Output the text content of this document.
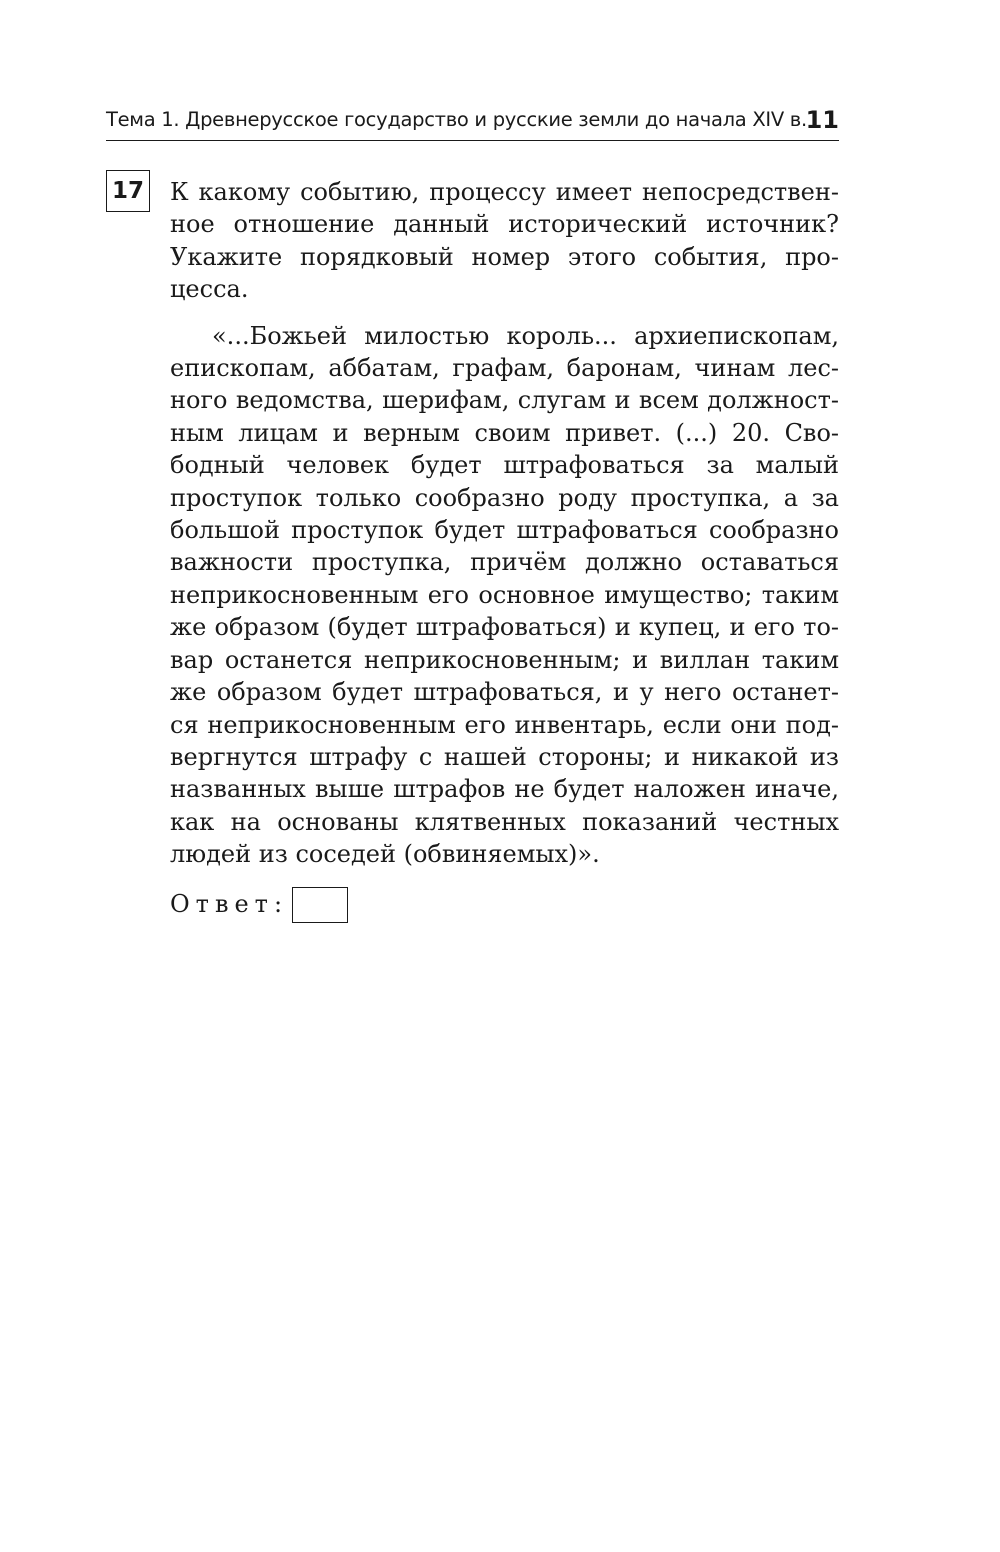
Тема 1. Древнерусское государство и русские земли до начала XIV в.
11
17 К какому событию, процессу имеет непосредственное отношение данный исторический источник? Укажите порядковый номер этого события, процесса.

«...Божьей милостью король... архиепископам, епископам, аббатам, графам, баронам, чинам лесного ведомства, шерифам, слугам и всем должностным лицам и верным своим привет. (...) 20. Свободный человек будет штрафоваться за малый проступок только сообразно роду проступка, а за большой проступок будет штрафоваться сообразно важности проступка, причём должно оставаться неприкосновенным его основное имущество; таким же образом (будет штрафоваться) и купец, и его товар останется неприкосновенным; и виллан таким же образом будет штрафоваться, и у него останется неприкосновенным его инвентарь, если они подвергнутся штрафу с нашей стороны; и никакой из названных выше штрафов не будет наложен иначе, как на основаны клятвенных показаний честных людей из соседей (обвиняемых)».

Ответ:
